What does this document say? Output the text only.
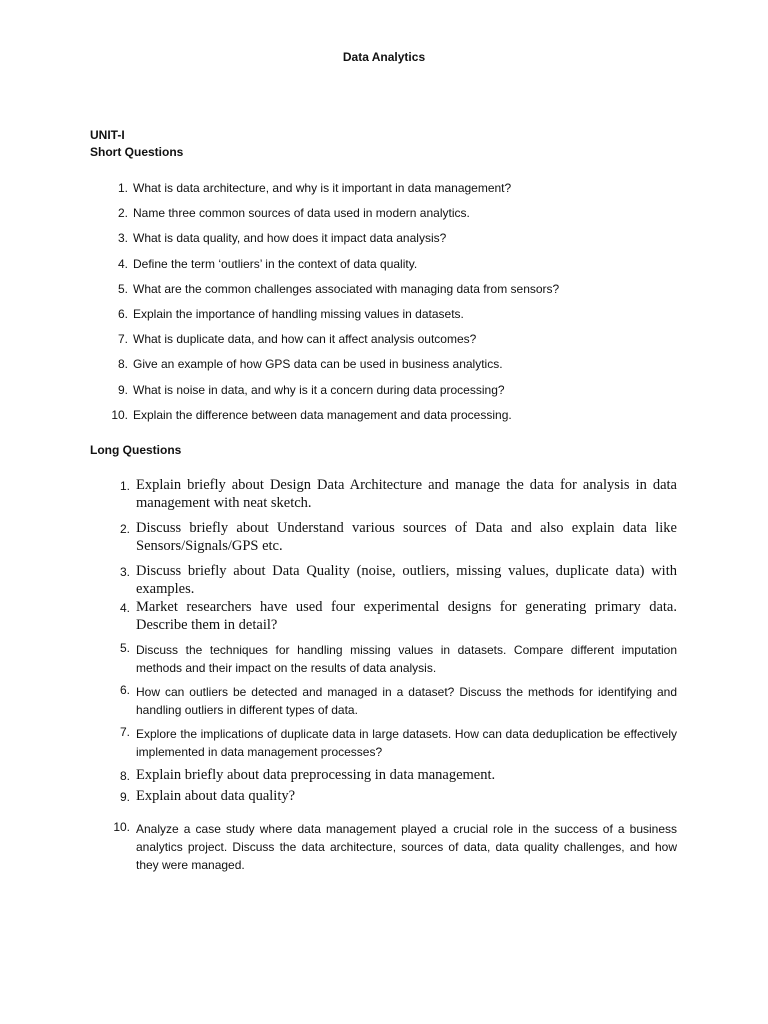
Data Analytics
UNIT-I
Short Questions
1. What is data architecture, and why is it important in data management?
2. Name three common sources of data used in modern analytics.
3. What is data quality, and how does it impact data analysis?
4. Define the term ‘outliers’ in the context of data quality.
5. What are the common challenges associated with managing data from sensors?
6. Explain the importance of handling missing values in datasets.
7. What is duplicate data, and how can it affect analysis outcomes?
8. Give an example of how GPS data can be used in business analytics.
9. What is noise in data, and why is it a concern during data processing?
10. Explain the difference between data management and data processing.
Long Questions
1. Explain briefly about Design Data Architecture and manage the data for analysis in data management with neat sketch.
2. Discuss briefly about Understand various sources of Data and also explain data like Sensors/Signals/GPS etc.
3. Discuss briefly about Data Quality (noise, outliers, missing values, duplicate data) with examples.
4. Market researchers have used four experimental designs for generating primary data. Describe them in detail?
5. Discuss the techniques for handling missing values in datasets. Compare different imputation methods and their impact on the results of data analysis.
6. How can outliers be detected and managed in a dataset? Discuss the methods for identifying and handling outliers in different types of data.
7. Explore the implications of duplicate data in large datasets. How can data deduplication be effectively implemented in data management processes?
8. Explain briefly about data preprocessing in data management.
9. Explain about data quality?
10. Analyze a case study where data management played a crucial role in the success of a business analytics project. Discuss the data architecture, sources of data, data quality challenges, and how they were managed.
